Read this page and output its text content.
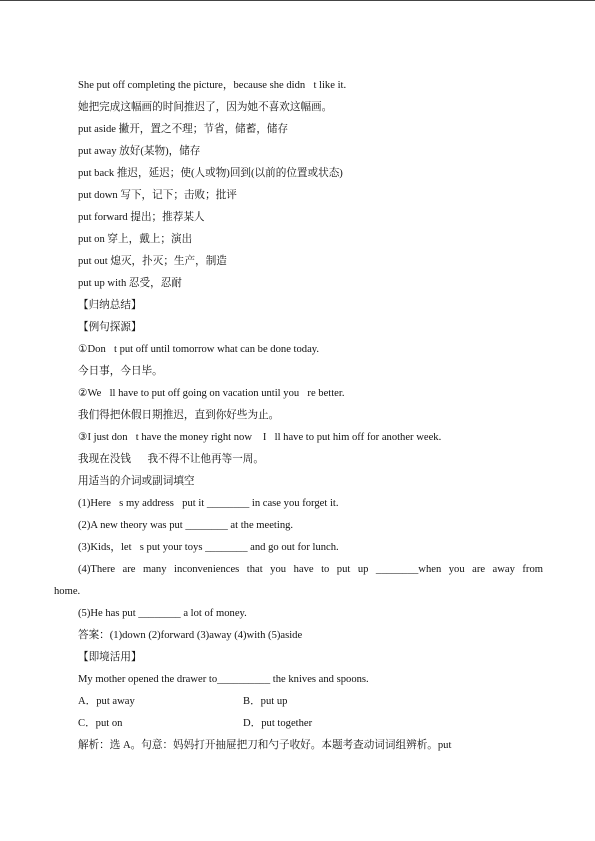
She put off completing the picture，because she didn t like it.
她把完成这幅画的时间推迟了，因为她不喜欢这幅画。
put aside 撇开，置之不理；节省，储蓄，储存
put away 放好(某物)，储存
put back 推迟，延迟；使(人或物)回到(以前的位置或状态)
put down 写下，记下；击败；批评
put forward 提出；推荐某人
put on 穿上，戴上；演出
put out 熄灭，扑灭；生产，制造
put up with 忍受，忍耐
【归纳总结】
【例句探源】
①Don t put off until tomorrow what can be done today.
今日事，今日毕。
②We ll have to put off going on vacation until you re better.
我们得把休假日期推迟，直到你好些为止。
③I just don t have the money right now  I ll have to put him off for another week.
我现在没钱  我不得不让他再等一周。
用适当的介词或副词填空
(1)Here s my address－put it ________ in case you forget it.
(2)A new theory was put ________ at the meeting.
(3)Kids，let s put your toys ________ and go out for lunch.
(4)There are many inconveniences that you have to put up ________when you are away from
home.
(5)He has put ________ a lot of money.
答案：(1)down (2)forward (3)away (4)with (5)aside
【即境活用】
My mother opened the drawer to__________ the knives and spoons.
A．put away	B．put up
C．put on	D．put together
解析：选 A。句意：妈妈打开抽屉把刀和勺子收好。本题考查动词词组辨析。put
